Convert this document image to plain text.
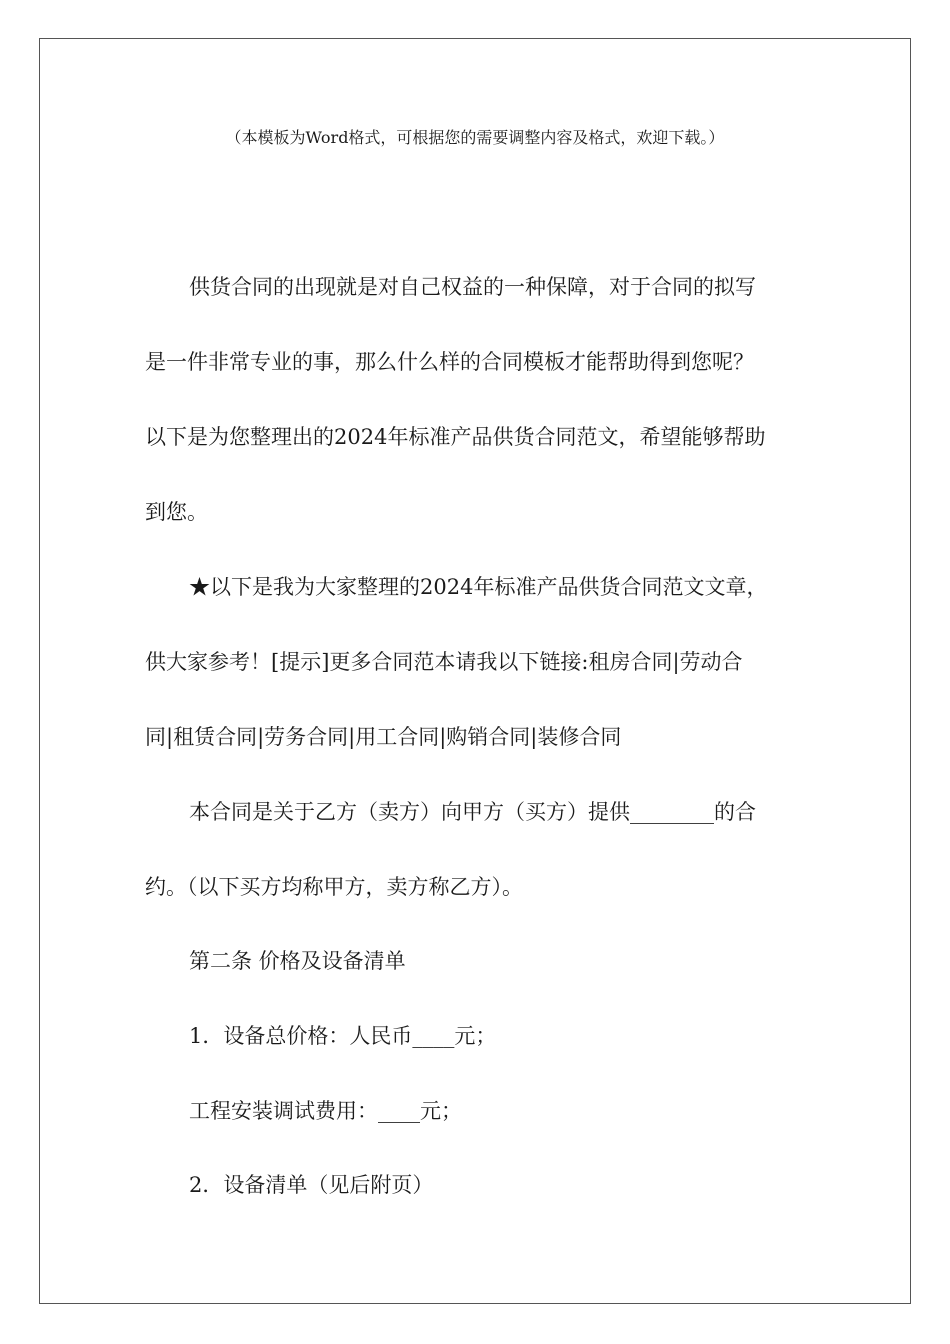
（本模板为Word格式，可根据您的需要调整内容及格式，欢迎下载。）
供货合同的出现就是对自己权益的一种保障，对于合同的拟写
是一件非常专业的事，那么什么样的合同模板才能帮助得到您呢？
以下是为您整理出的2024年标准产品供货合同范文，希望能够帮助
到您。
★以下是我为大家整理的2024年标准产品供货合同范文文章，
供大家参考！[提示]更多合同范本请我以下链接:租房合同|劳动合
同|租赁合同|劳务合同|用工合同|购销合同|装修合同
本合同是关于乙方（卖方）向甲方（买方）提供________的合
约。（以下买方均称甲方，卖方称乙方）。
第二条 价格及设备清单
1．设备总价格：人民币____元；
工程安装调试费用：____元；
2．设备清单（见后附页）
